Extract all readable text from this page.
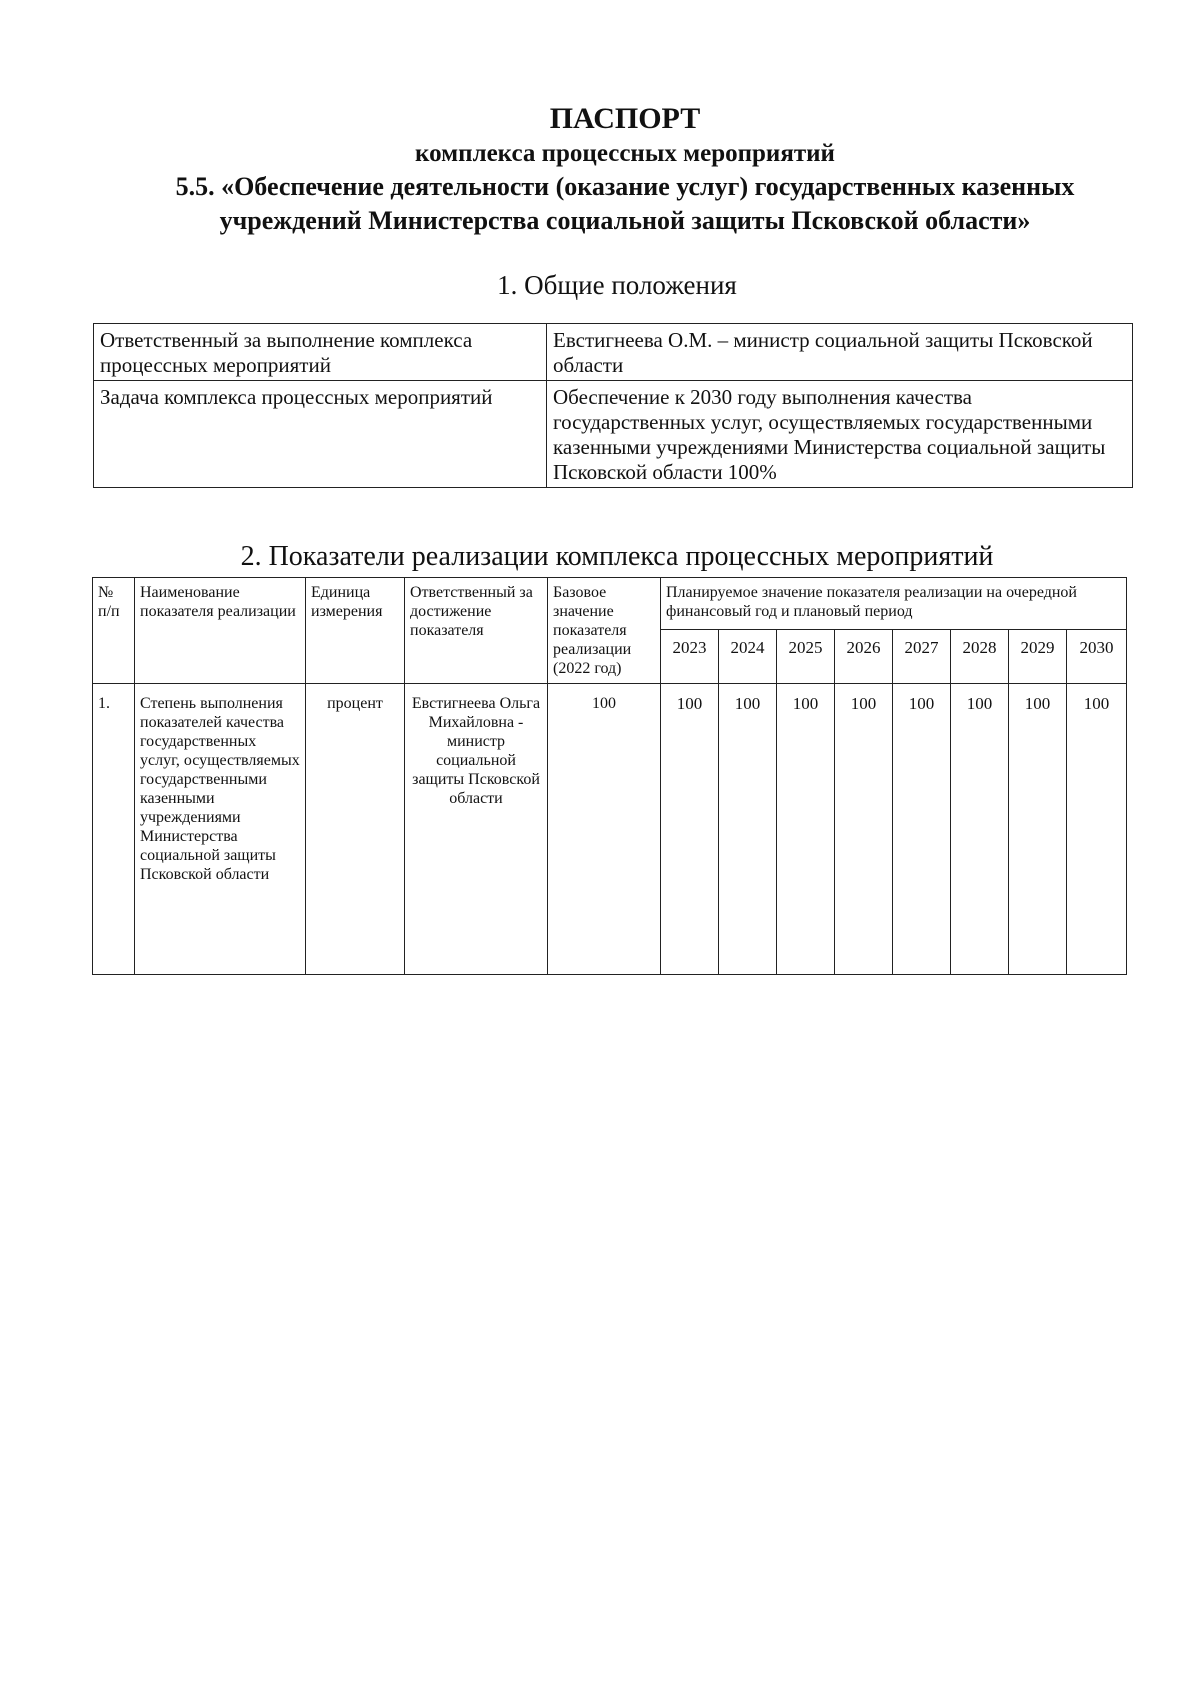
ПАСПОРТ

комплекса процессных мероприятий

5.5. «Обеспечение деятельности (оказание услуг) государственных казенных

учреждений Министерства социальной защиты Псковской области»

1. Общие положения
Ответственный за выполнение комплекса процессных мероприятий	Евстигнеева О.М. – министр социальной защиты Псковской области
Задача комплекса процессных мероприятий	Обеспечение к 2030 году выполнения качества государственных услуг, осуществляемых государственными казенными учреждениями Министерства социальной защиты Псковской области 100%
2. Показатели реализации комплекса процессных мероприятий
№ п/п	Наименование показателя реализации	Единица измерения	Ответственный за достижение показателя	Базовое значение показателя реализации (2022 год)	Планируемое значение показателя реализации на очередной финансовый год и плановый период							
					2023	2024	2025	2026	2027	2028	2029	2030
1.	Степень выполнения показателей качества государственных услуг, осуществляемых государственными казенными учреждениями Министерства социальной защиты Псковской области	процент	Евстигнеева Ольга Михайловна - министр социальной защиты Псковской области	100	100	100	100	100	100	100	100	100
